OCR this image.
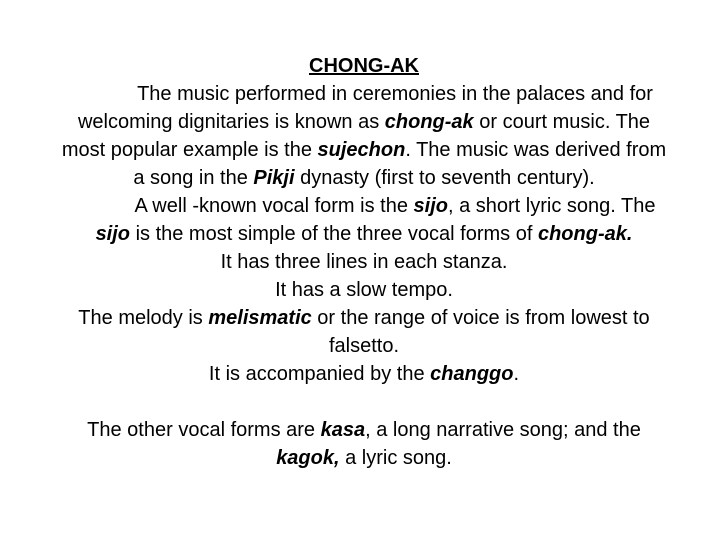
CHONG-AK
The music performed in ceremonies in the palaces and for
welcoming dignitaries is known as chong-ak or court music. The
most popular example is the sujechon. The music was derived from
a song in the Pikji dynasty (first to seventh century).
A well -known vocal form is the sijo, a short lyric song. The
sijo is the most simple of the three vocal forms of chong-ak.
It has three lines in each stanza.
It has a slow tempo.
The melody is melismatic or the range of voice is from lowest to
falsetto.
It is accompanied by the changgo.
The other vocal forms are kasa, a long narrative song; and the
kagok, a lyric song.
